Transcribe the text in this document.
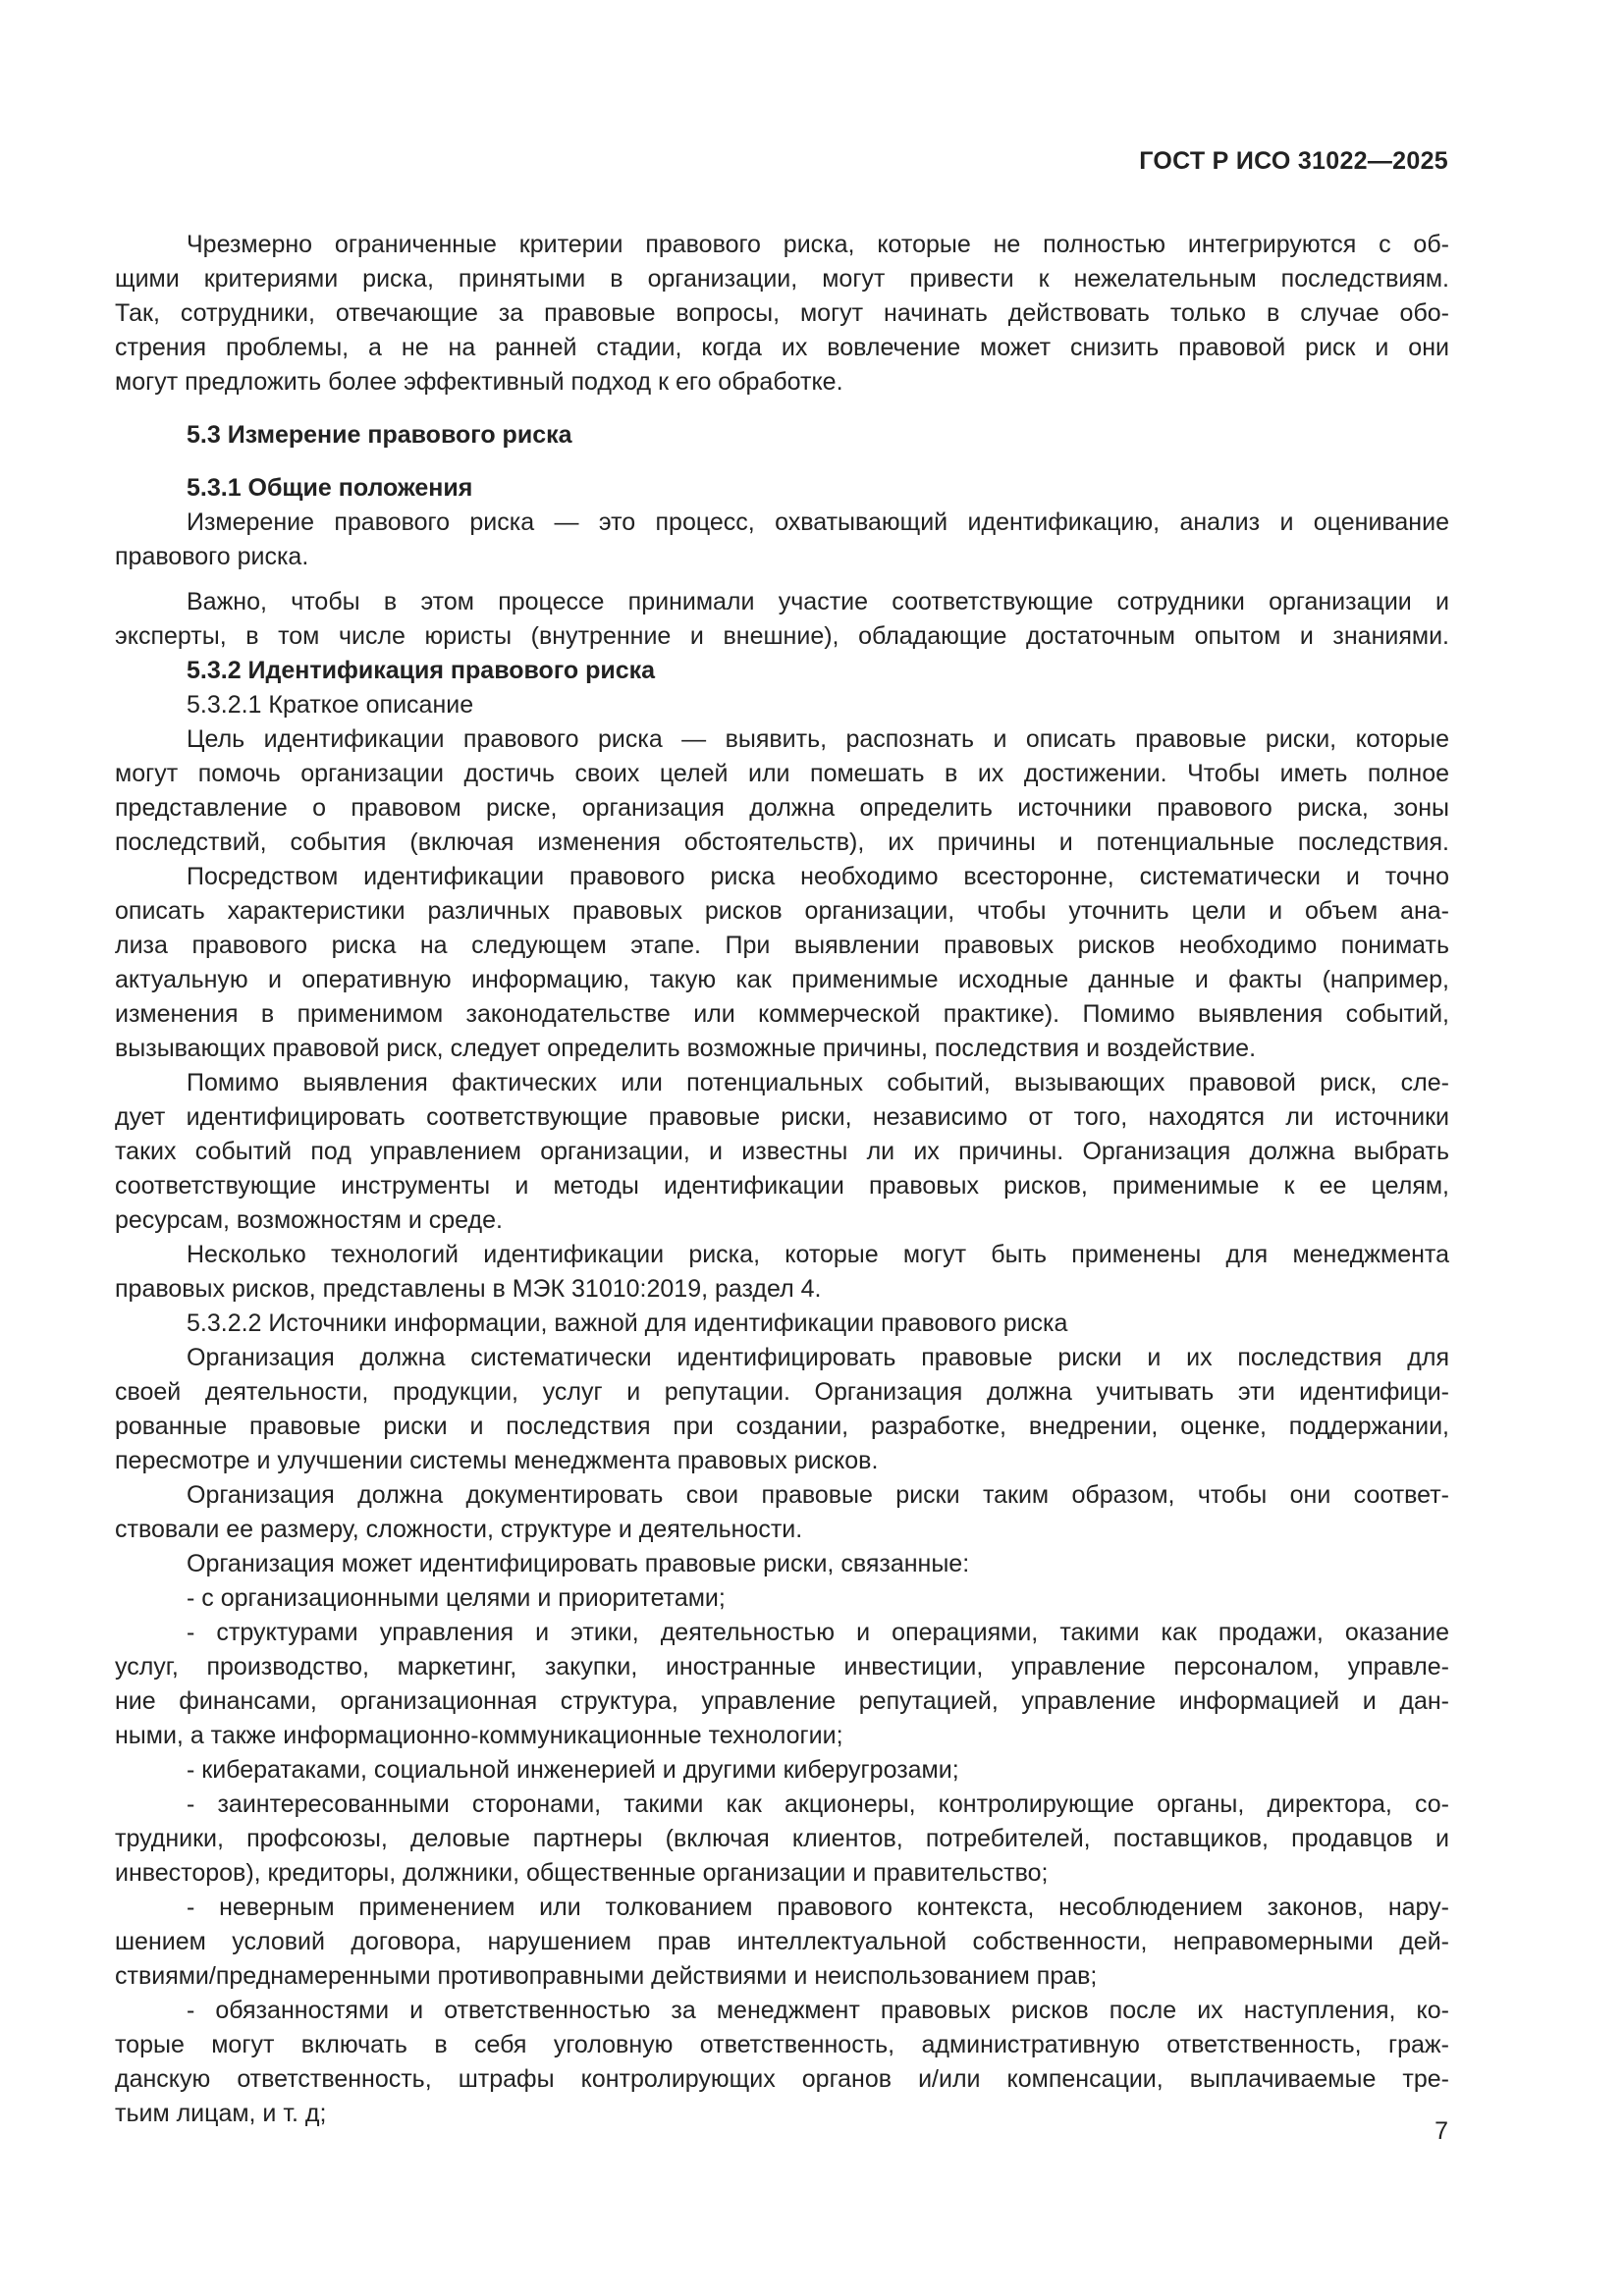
ГОСТ Р ИСО 31022—2025
Чрезмерно ограниченные критерии правового риска, которые не полностью интегрируются с об-
щими критериями риска, принятыми в организации, могут привести к нежелательным последствиям.
Так, сотрудники, отвечающие за правовые вопросы, могут начинать действовать только в случае обо-
стрения проблемы, а не на ранней стадии, когда их вовлечение может снизить правовой риск и они
могут предложить более эффективный подход к его обработке.
5.3 Измерение правового риска
5.3.1 Общие положения
Измерение правового риска — это процесс, охватывающий идентификацию, анализ и оценивание
правового риска.
Важно, чтобы в этом процессе принимали участие соответствующие сотрудники организации и
эксперты, в том числе юристы (внутренние и внешние), обладающие достаточным опытом и знаниями.
5.3.2 Идентификация правового риска
5.3.2.1 Краткое описание
Цель идентификации правового риска — выявить, распознать и описать правовые риски, которые
могут помочь организации достичь своих целей или помешать в их достижении. Чтобы иметь полное
представление о правовом риске, организация должна определить источники правового риска, зоны
последствий, события (включая изменения обстоятельств), их причины и потенциальные последствия.
Посредством идентификации правового риска необходимо всесторонне, систематически и точно
описать характеристики различных правовых рисков организации, чтобы уточнить цели и объем ана-
лиза правового риска на следующем этапе. При выявлении правовых рисков необходимо понимать
актуальную и оперативную информацию, такую как применимые исходные данные и факты (например,
изменения в применимом законодательстве или коммерческой практике). Помимо выявления событий,
вызывающих правовой риск, следует определить возможные причины, последствия и воздействие.
Помимо выявления фактических или потенциальных событий, вызывающих правовой риск, сле-
дует идентифицировать соответствующие правовые риски, независимо от того, находятся ли источники
таких событий под управлением организации, и известны ли их причины. Организация должна выбрать
соответствующие инструменты и методы идентификации правовых рисков, применимые к ее целям,
ресурсам, возможностям и среде.
Несколько технологий идентификации риска, которые могут быть применены для менеджмента
правовых рисков, представлены в МЭК 31010:2019, раздел 4.
5.3.2.2 Источники информации, важной для идентификации правового риска
Организация должна систематически идентифицировать правовые риски и их последствия для
своей деятельности, продукции, услуг и репутации. Организация должна учитывать эти идентифици-
рованные правовые риски и последствия при создании, разработке, внедрении, оценке, поддержании,
пересмотре и улучшении системы менеджмента правовых рисков.
Организация должна документировать свои правовые риски таким образом, чтобы они соответ-
ствовали ее размеру, сложности, структуре и деятельности.
Организация может идентифицировать правовые риски, связанные:
- с организационными целями и приоритетами;
- структурами управления и этики, деятельностью и операциями, такими как продажи, оказание
услуг, производство, маркетинг, закупки, иностранные инвестиции, управление персоналом, управле-
ние финансами, организационная структура, управление репутацией, управление информацией и дан-
ными, а также информационно-коммуникационные технологии;
- кибератаками, социальной инженерией и другими киберугрозами;
- заинтересованными сторонами, такими как акционеры, контролирующие органы, директора, со-
трудники, профсоюзы, деловые партнеры (включая клиентов, потребителей, поставщиков, продавцов и
инвесторов), кредиторы, должники, общественные организации и правительство;
- неверным применением или толкованием правового контекста, несоблюдением законов, нару-
шением условий договора, нарушением прав интеллектуальной собственности, неправомерными дей-
ствиями/преднамеренными противоправными действиями и неиспользованием прав;
- обязанностями и ответственностью за менеджмент правовых рисков после их наступления, ко-
торые могут включать в себя уголовную ответственность, административную ответственность, граж-
данскую ответственность, штрафы контролирующих органов и/или компенсации, выплачиваемые тре-
тьим лицам, и т. д;
7
